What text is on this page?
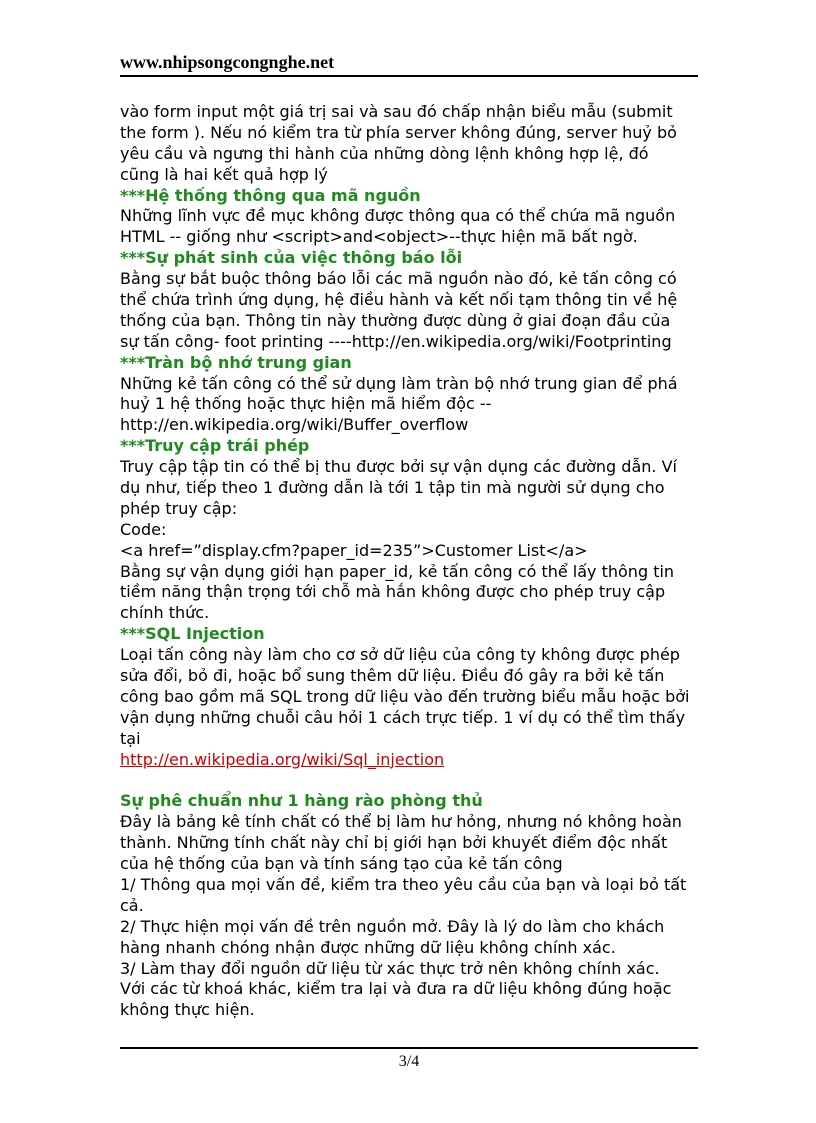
www.nhipsongcongnghe.net
vào form input một giá trị sai và sau đó chấp nhận biểu mẫu (submit
the form ). Nếu nó kiểm tra từ phía server không đúng, server huỷ bỏ
yêu cầu và ngưng thi hành của những dòng lệnh không hợp lệ, đó
cũng là hai kết quả hợp lý
***Hệ thống thông qua mã nguồn
Những lĩnh vực đề mục không được thông qua có thể chứa mã nguồn
HTML -- giống như <script>and<object>--thực hiện mã bất ngờ.
***Sự phát sinh của việc thông báo lỗi
Bằng sự bắt buộc thông báo lỗi các mã nguồn nào đó, kẻ tấn công có
thể chứa trình ứng dụng, hệ điều hành và kết nối tạm thông tin về hệ
thống của bạn. Thông tin này thường được dùng ở giai đoạn đầu của
sự tấn công- foot printing ----http://en.wikipedia.org/wiki/Footprinting
***Tràn bộ nhớ trung gian
Những kẻ tấn công có thể sử dụng làm tràn bộ nhớ trung gian để phá
huỷ 1 hệ thống hoặc thực hiện mã hiểm độc --
http://en.wikipedia.org/wiki/Buffer_overflow
***Truy cập trái phép
Truy cập tập tin có thể bị thu được bởi sự vận dụng các đường dẫn. Ví
dụ như, tiếp theo 1 đường dẫn là tới 1 tập tin mà người sử dụng cho
phép truy cập:
Code:
<a href=”display.cfm?paper_id=235”>Customer List</a>
Bằng sự vận dụng giới hạn paper_id, kẻ tấn công có thể lấy thông tin
tiềm năng thận trọng tới chỗ mà hắn không được cho phép truy cập
chính thức.
***SQL Injection
Loại tấn công này làm cho cơ sở dữ liệu của công ty không được phép
sửa đổi, bỏ đi, hoặc bổ sung thêm dữ liệu. Điều đó gây ra bởi kẻ tấn
công bao gồm mã SQL trong dữ liệu vào đến trường biểu mẫu hoặc bởi
vận dụng những chuỗi câu hỏi 1 cách trực tiếp. 1 ví dụ có thể tìm thấy
tại
http://en.wikipedia.org/wiki/Sql_injection
Sự phê chuẩn như 1 hàng rào phòng thủ
Đây là bảng kê tính chất có thể bị làm hư hỏng, nhưng nó không hoàn
thành. Những tính chất này chỉ bị giới hạn bởi khuyết điểm độc nhất
của hệ thống của bạn và tính sáng tạo của kẻ tấn công
1/ Thông qua mọi vấn đề, kiểm tra theo yêu cầu của bạn và loại bỏ tất
cả.
2/ Thực hiện mọi vấn đề trên nguồn mở. Đây là lý do làm cho khách
hàng nhanh chóng nhận được những dữ liệu không chính xác.
3/ Làm thay đổi nguồn dữ liệu từ xác thực trở nên không chính xác.
Với các từ khoá khác, kiểm tra lại và đưa ra dữ liệu không đúng hoặc
không thực hiện.
3/4
